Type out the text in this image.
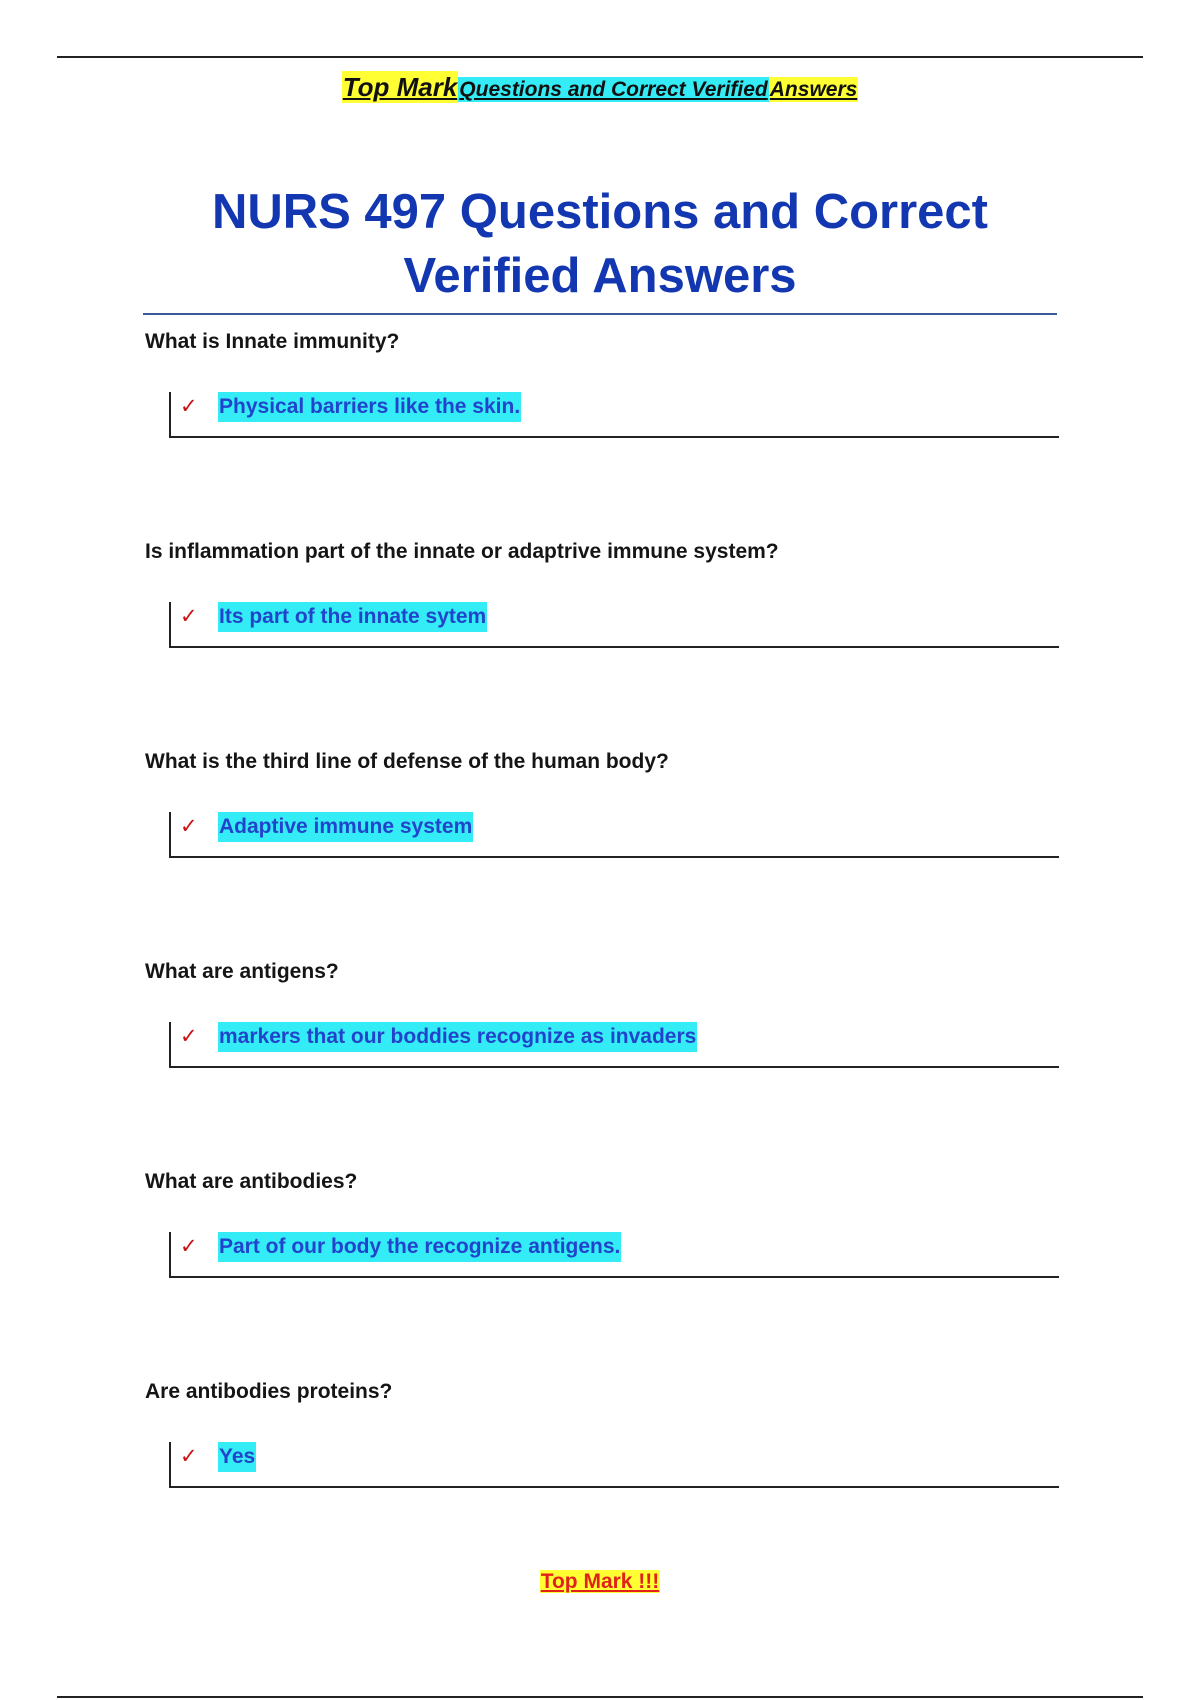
Top MarkQuestions and Correct VerifiedAnswers
NURS 497 Questions and Correct
Verified Answers
What is Innate immunity?
✓ Physical barriers like the skin.
Is inflammation part of the innate or adaptrive immune system?
✓ Its part of the innate sytem
What is the third line of defense of the human body?
✓ Adaptive immune system
What are antigens?
✓ markers that our boddies recognize as invaders
What are antibodies?
✓ Part of our body the recognize antigens.
Are antibodies proteins?
✓ Yes
Top Mark !!!
